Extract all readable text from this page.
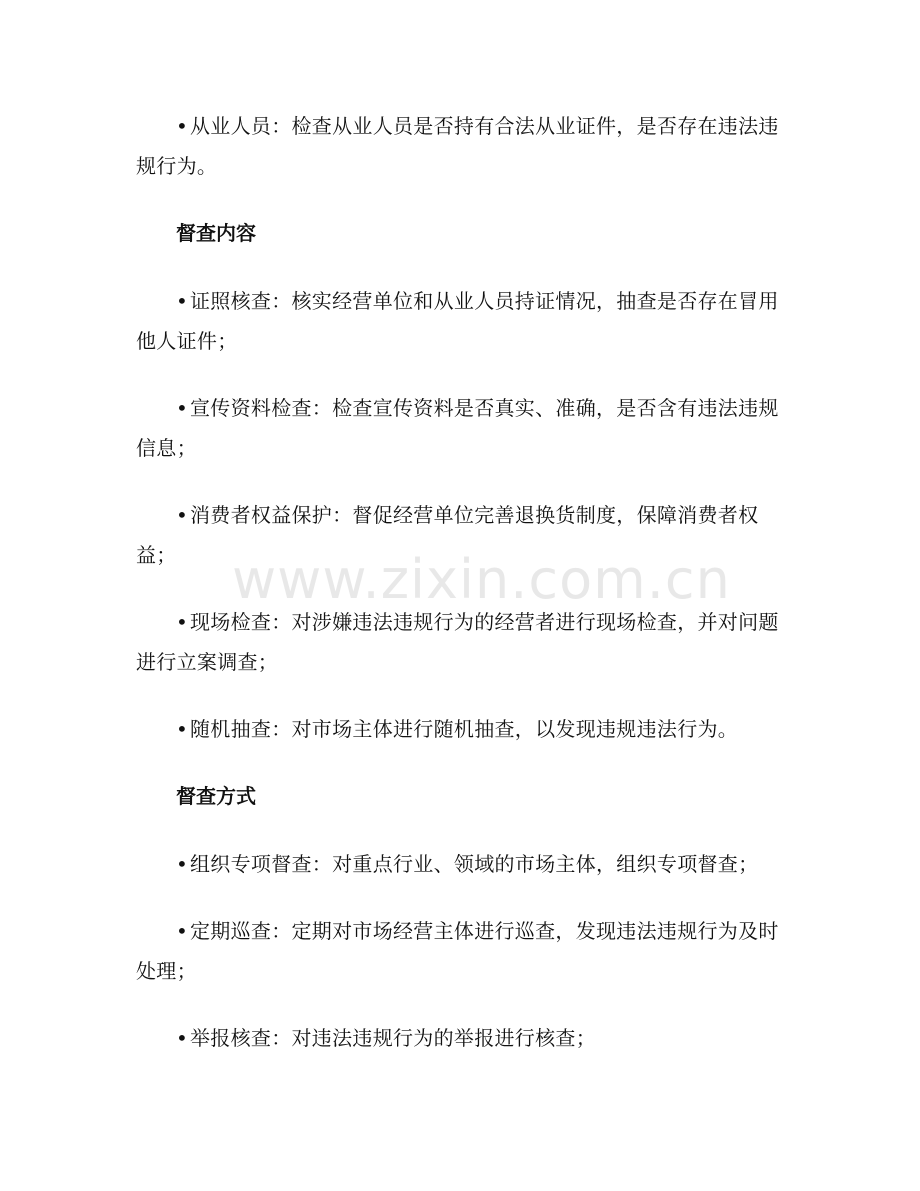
•从业人员：检查从业人员是否持有合法从业证件，是否存在违法违规行为。

督查内容

•证照核查：核实经营单位和从业人员持证情况，抽查是否存在冒用他人证件；

•宣传资料检查：检查宣传资料是否真实、准确，是否含有违法违规信息；

•消费者权益保护：督促经营单位完善退换货制度，保障消费者权益；

•现场检查：对涉嫌违法违规行为的经营者进行现场检查，并对问题进行立案调查；

•随机抽查：对市场主体进行随机抽查，以发现违规违法行为。

督查方式

•组织专项督查：对重点行业、领域的市场主体，组织专项督查；

•定期巡查：定期对市场经营主体进行巡查，发现违法违规行为及时处理；

•举报核查：对违法违规行为的举报进行核查；

www.zixin.com.cn
